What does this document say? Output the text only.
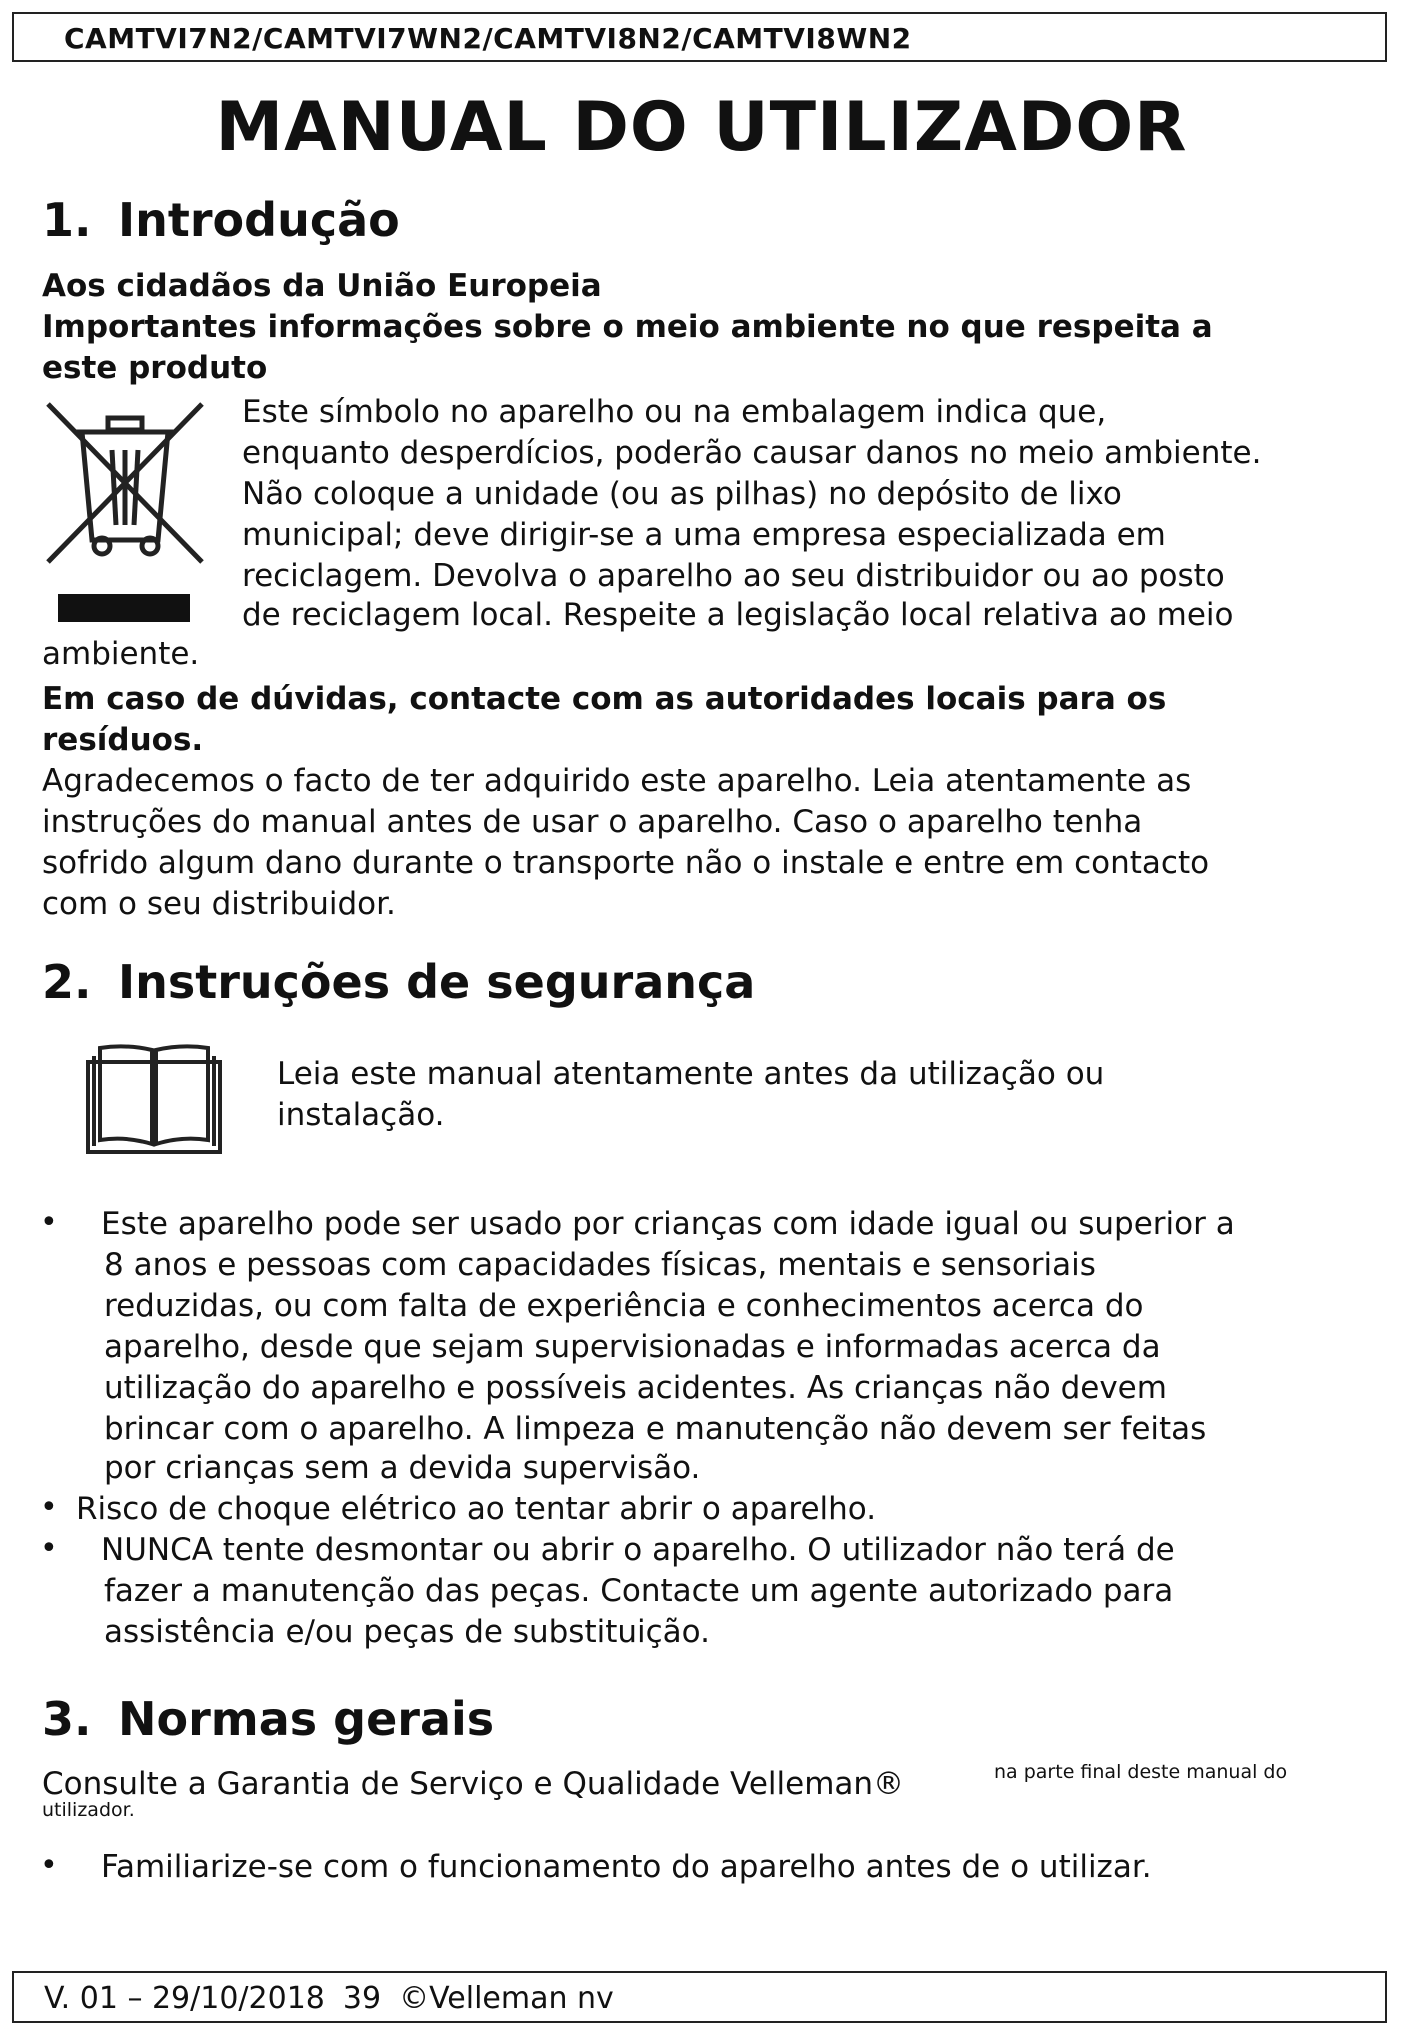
CAMTVI7N2/CAMTVI7WN2/CAMTVI8N2/CAMTVI8WN2
MANUAL DO UTILIZADOR
1. Introdução
Aos cidadãos da União Europeia
Importantes informações sobre o meio ambiente no que respeita a
este produto
Este símbolo no aparelho ou na embalagem indica que,
enquanto desperdícios, poderão causar danos no meio ambiente.
Não coloque a unidade (ou as pilhas) no depósito de lixo
municipal; deve dirigir-se a uma empresa especializada em
reciclagem. Devolva o aparelho ao seu distribuidor ou ao posto
de reciclagem local. Respeite a legislação local relativa ao meio
ambiente.
Em caso de dúvidas, contacte com as autoridades locais para os
resíduos.
Agradecemos o facto de ter adquirido este aparelho. Leia atentamente as
instruções do manual antes de usar o aparelho. Caso o aparelho tenha
sofrido algum dano durante o transporte não o instale e entre em contacto
com o seu distribuidor.
2. Instruções de segurança
Leia este manual atentamente antes da utilização ou
instalação.
• Este aparelho pode ser usado por crianças com idade igual ou superior a
8 anos e pessoas com capacidades físicas, mentais e sensoriais
reduzidas, ou com falta de experiência e conhecimentos acerca do
aparelho, desde que sejam supervisionadas e informadas acerca da
utilização do aparelho e possíveis acidentes. As crianças não devem
brincar com o aparelho. A limpeza e manutenção não devem ser feitas
por crianças sem a devida supervisão.
• Risco de choque elétrico ao tentar abrir o aparelho.
• NUNCA tente desmontar ou abrir o aparelho. O utilizador não terá de
fazer a manutenção das peças. Contacte um agente autorizado para
assistência e/ou peças de substituição.
3. Normas gerais
Consulte a Garantia de Serviço e Qualidade Velleman®	na parte final deste manual do
utilizador.
• Familiarize-se com o funcionamento do aparelho antes de o utilizar.
V. 01 – 29/10/2018 39 ©Velleman nv
